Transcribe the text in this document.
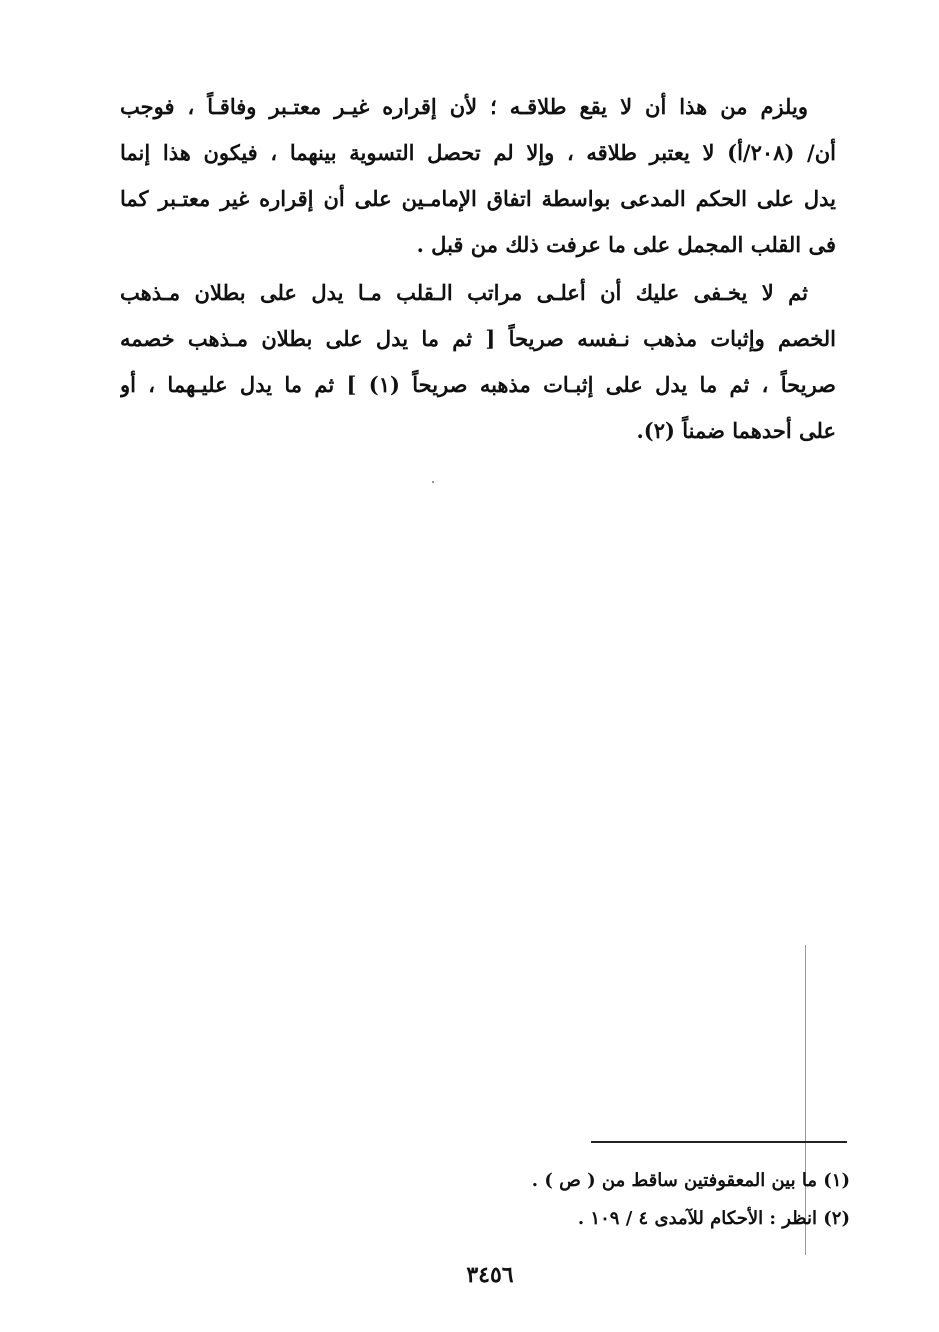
ويلزم من هذا أن لا يقع طلاقـه ؛ لأن إقراره غيـر معتـبر وفاقـاً ، فوجب
أن/ (٢٠٨/أ) لا يعتبر طلاقه ، وإلا لم تحصل التسوية بينهما ، فيكون هذا إنما
يدل على الحكم المدعى بواسطة اتفاق الإمامـين على أن إقراره غير معتـبر كما
فى القلب المجمل على ما عرفت ذلك من قبل .
ثم لا يخـفى عليك أن أعلـى مراتب الـقلب مـا يدل على بطلان مـذهب
الخصم وإثبات مذهب نـفسه صريحاً [ ثم ما يدل على بطلان مـذهب خصمه
صريحاً ، ثم ما يدل على إثبـات مذهبه صريحاً (١) ] ثم ما يدل عليـهما ، أو
على أحدهما ضمناً (٢).
(١) ما بين المعقوفتين ساقط من ( ص ) .
(٢) انظر : الأحكام للآمدى ٤ / ١٠٩ .
٣٤٥٦
